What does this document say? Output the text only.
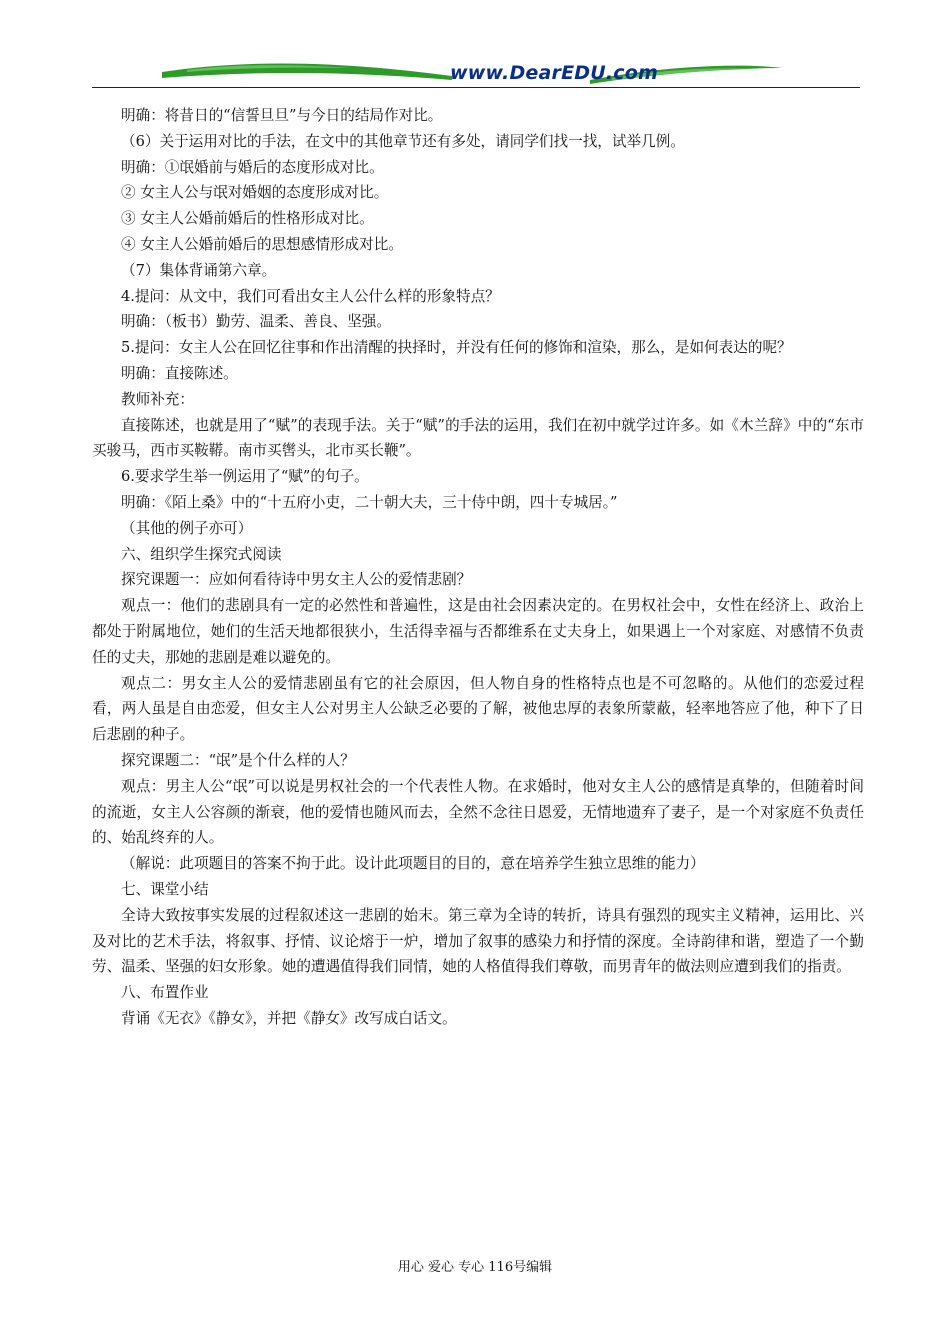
www.DearEDU.com

明确：将昔日的“信誓旦旦”与今日的结局作对比。

（6）关于运用对比的手法，在文中的其他章节还有多处，请同学们找一找，试举几例。

明确：①氓婚前与婚后的态度形成对比。

② 女主人公与氓对婚姻的态度形成对比。

③ 女主人公婚前婚后的性格形成对比。

④ 女主人公婚前婚后的思想感情形成对比。

（7）集体背诵第六章。

4.提问：从文中，我们可看出女主人公什么样的形象特点？

明确：（板书）勤劳、温柔、善良、坚强。

5.提问：女主人公在回忆往事和作出清醒的抉择时，并没有任何的修饰和渲染，那么，是如何表达的呢？

明确：直接陈述。

教师补充：

直接陈述，也就是用了“赋”的表现手法。关于“赋”的手法的运用，我们在初中就学过许多。如《木兰辞》中的“东市买骏马，西市买鞍鞯。南市买辔头，北市买长鞭”。

6.要求学生举一例运用了“赋”的句子。

明确：《陌上桑》中的“十五府小吏，二十朝大夫，三十侍中朗，四十专城居。”

（其他的例子亦可）

六、组织学生探究式阅读

探究课题一：应如何看待诗中男女主人公的爱情悲剧？

观点一：他们的悲剧具有一定的必然性和普遍性，这是由社会因素决定的。在男权社会中，女性在经济上、政治上都处于附属地位，她们的生活天地都很狭小，生活得幸福与否都维系在丈夫身上，如果遇上一个对家庭、对感情不负责任的丈夫，那她的悲剧是难以避免的。

观点二：男女主人公的爱情悲剧虽有它的社会原因，但人物自身的性格特点也是不可忽略的。从他们的恋爱过程看，两人虽是自由恋爱，但女主人公对男主人公缺乏必要的了解，被他忠厚的表象所蒙蔽，轻率地答应了他，种下了日后悲剧的种子。

探究课题二：“氓”是个什么样的人？

观点：男主人公“氓”可以说是男权社会的一个代表性人物。在求婚时，他对女主人公的感情是真挚的，但随着时间的流逝，女主人公容颜的渐衰，他的爱情也随风而去，全然不念往日恩爱，无情地遗弃了妻子，是一个对家庭不负责任的、始乱终弃的人。

（解说：此项题目的答案不拘于此。设计此项题目的目的，意在培养学生独立思维的能力）

七、课堂小结

全诗大致按事实发展的过程叙述这一悲剧的始末。第三章为全诗的转折，诗具有强烈的现实主义精神，运用比、兴及对比的艺术手法，将叙事、抒情、议论熔于一炉，增加了叙事的感染力和抒情的深度。全诗韵律和谐，塑造了一个勤劳、温柔、坚强的妇女形象。她的遭遇值得我们同情，她的人格值得我们尊敬，而男青年的做法则应遭到我们的指责。

八、布置作业

背诵《无衣》《静女》，并把《静女》改写成白话文。

用心 爱心 专心 116号编辑
